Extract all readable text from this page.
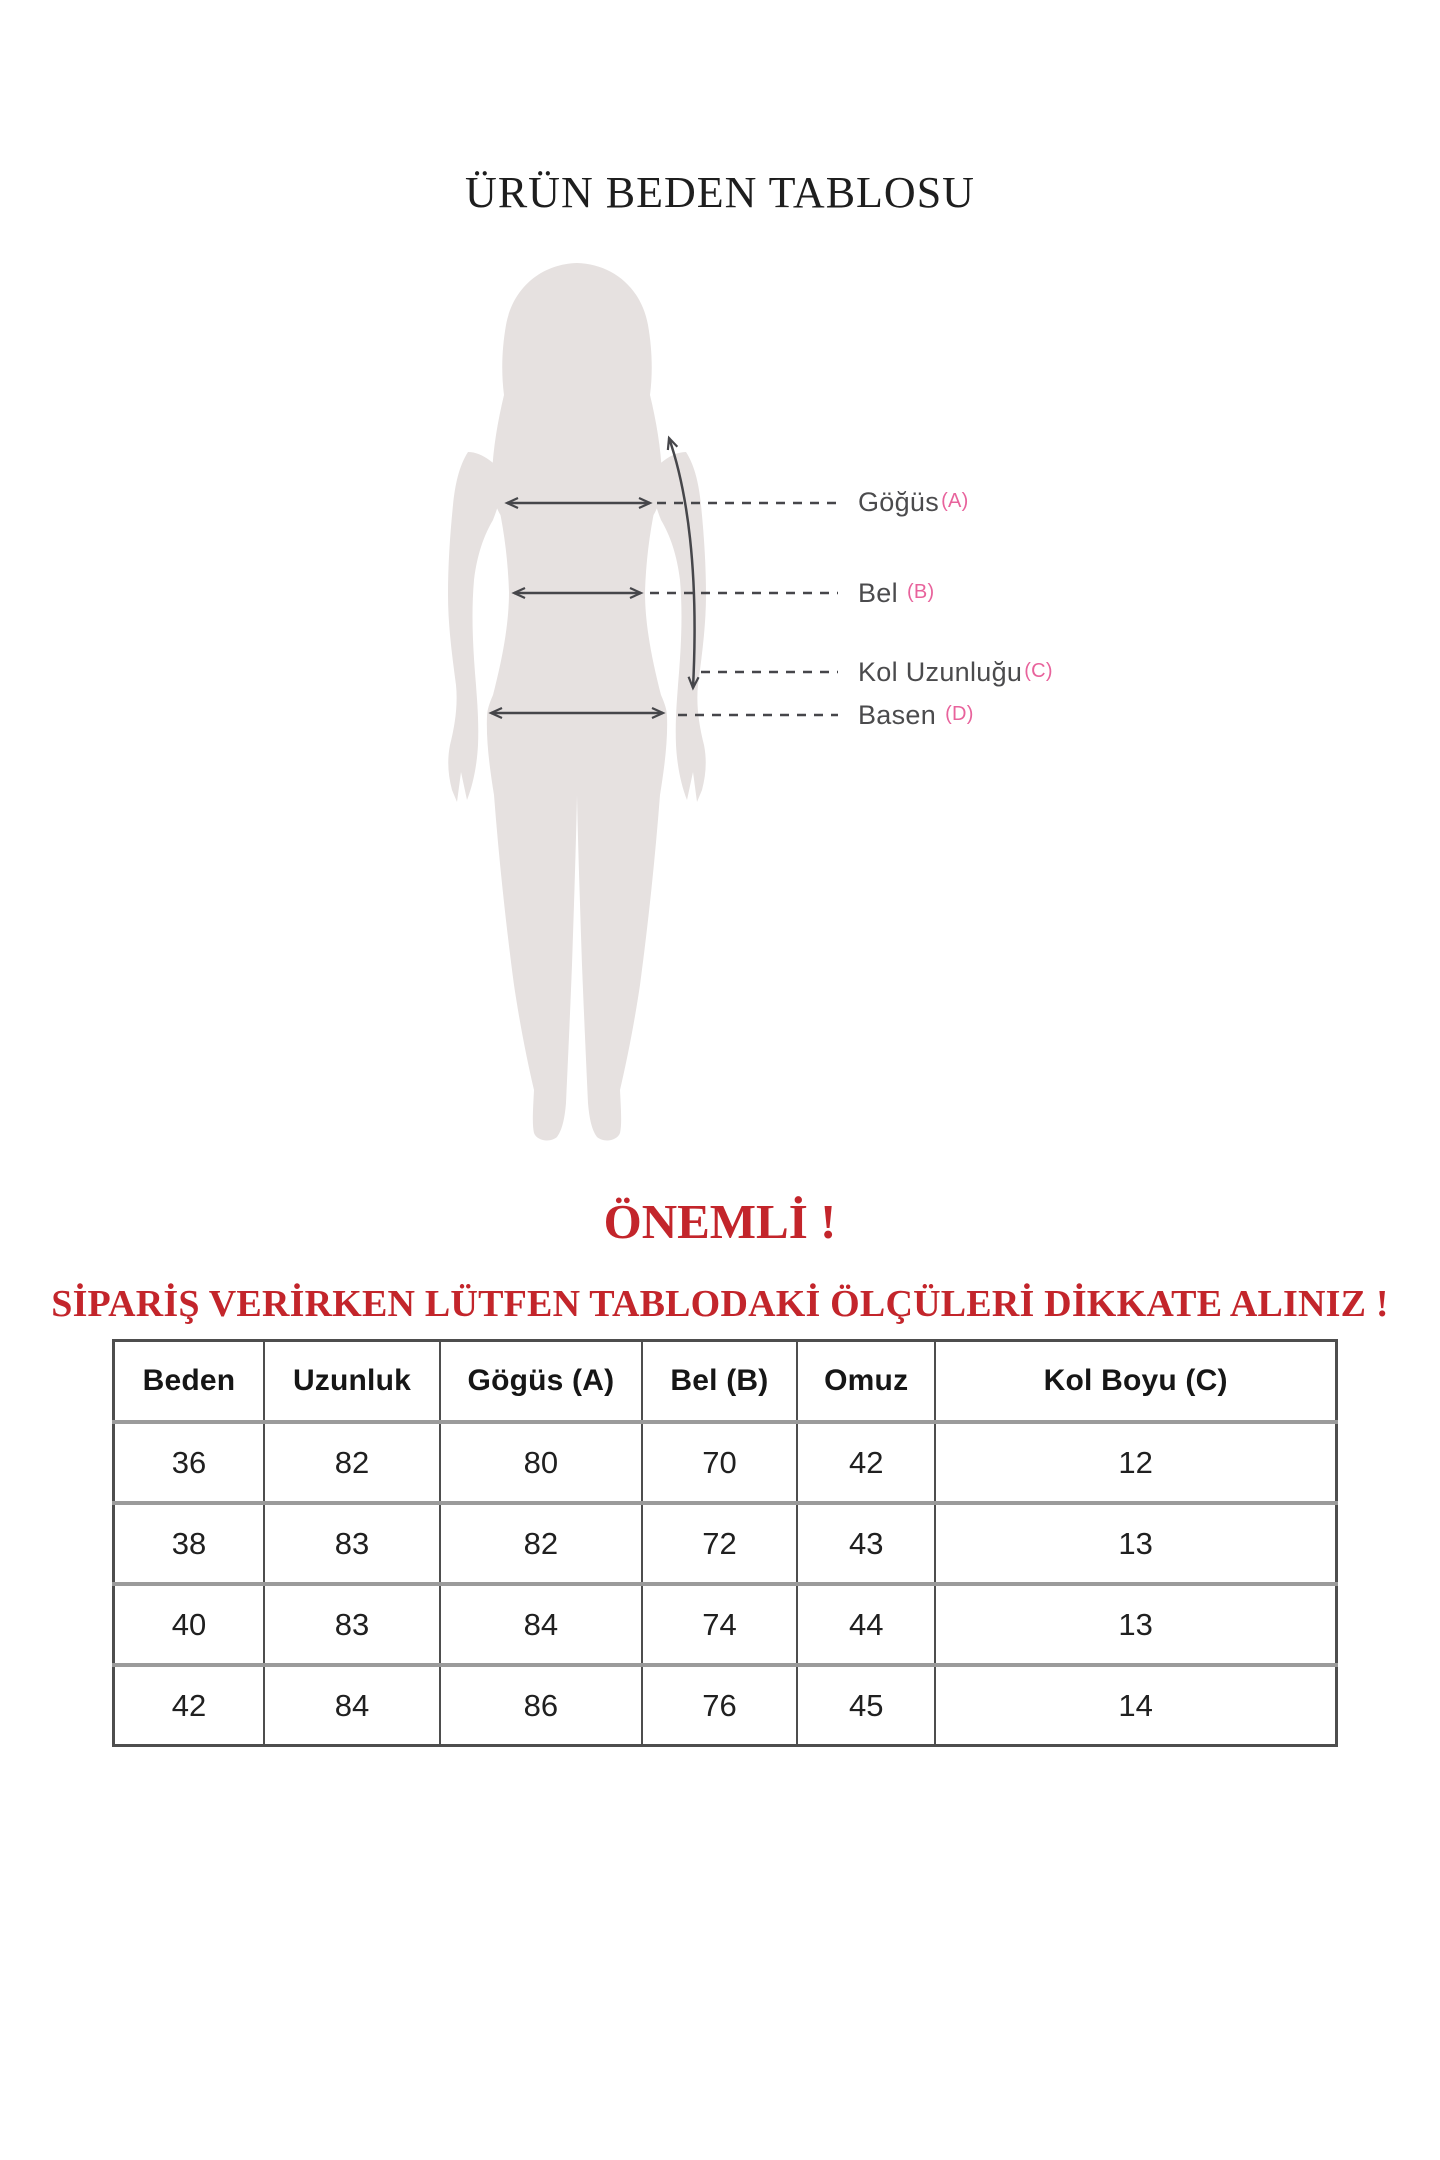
ÜRÜN BEDEN TABLOSU
Göğüs (A)
Bel (B)
Kol Uzunluğu (C)
Basen (D)
ÖNEMLİ !
SİPARİŞ VERİRKEN LÜTFEN TABLODAKİ ÖLÇÜLERİ DİKKATE ALINIZ !
Beden	Uzunluk	Gögüs (A)	Bel (B)	Omuz	Kol Boyu (C)
36	82	80	70	42	12
38	83	82	72	43	13
40	83	84	74	44	13
42	84	86	76	45	14
